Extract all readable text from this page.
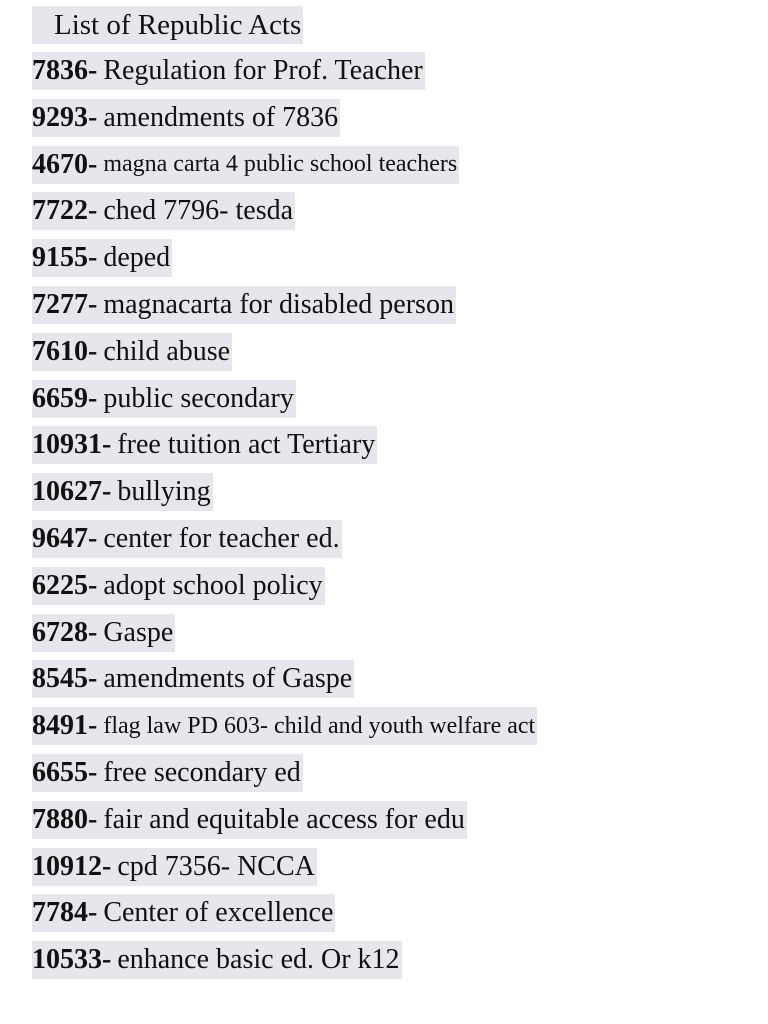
List of Republic Acts
7836- Regulation for Prof. Teacher
9293- amendments of 7836
4670- magna carta 4 public school teachers
7722- ched 7796- tesda
9155- deped
7277- magnacarta for disabled person
7610- child abuse
6659- public secondary
10931- free tuition act Tertiary
10627- bullying
9647- center for teacher ed.
6225- adopt school policy
6728- Gaspe
8545- amendments of Gaspe
8491- flag law PD 603- child and youth welfare act
6655- free secondary ed
7880- fair and equitable access for edu
10912- cpd 7356- NCCA
7784- Center of excellence
10533- enhance basic ed. Or k12
